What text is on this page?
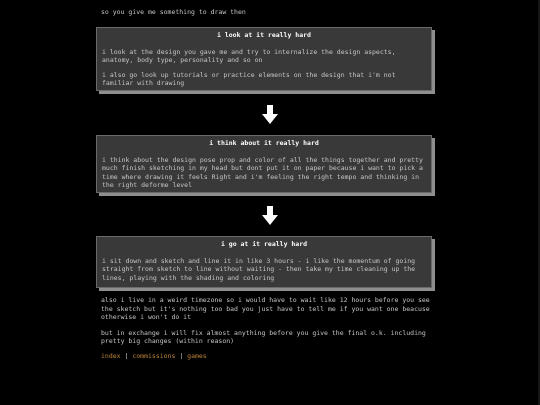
so you give me something to draw then
i look at it really hard

i look at the design you gave me and try to internalize the design aspects, anatomy, body type, personality and so on

i also go look up tutorials or practice elements on the design that i'm not familiar with drawing

i think about it really hard

i think about the design pose prop and color of all the things together and pretty much finish sketching in my head but dont put it on paper because i want to pick a time where drawing it feels Right and i'm feeling the right tempo and thinking in the right deforme level

i go at it really hard

i sit down and sketch and line it in like 3 hours - i like the momentum of going straight from sketch to line without waiting - then take my time cleaning up the lines, playing with the shading and coloring

also i live in a weird timezone so i would have to wait like 12 hours before you see the sketch but it's nothing too bad you just have to tell me if you want one beacuse otherwise i won't do it

but in exchange i will fix almost anything before you give the final o.k. including pretty big changes (within reason)

index | commissions | games
